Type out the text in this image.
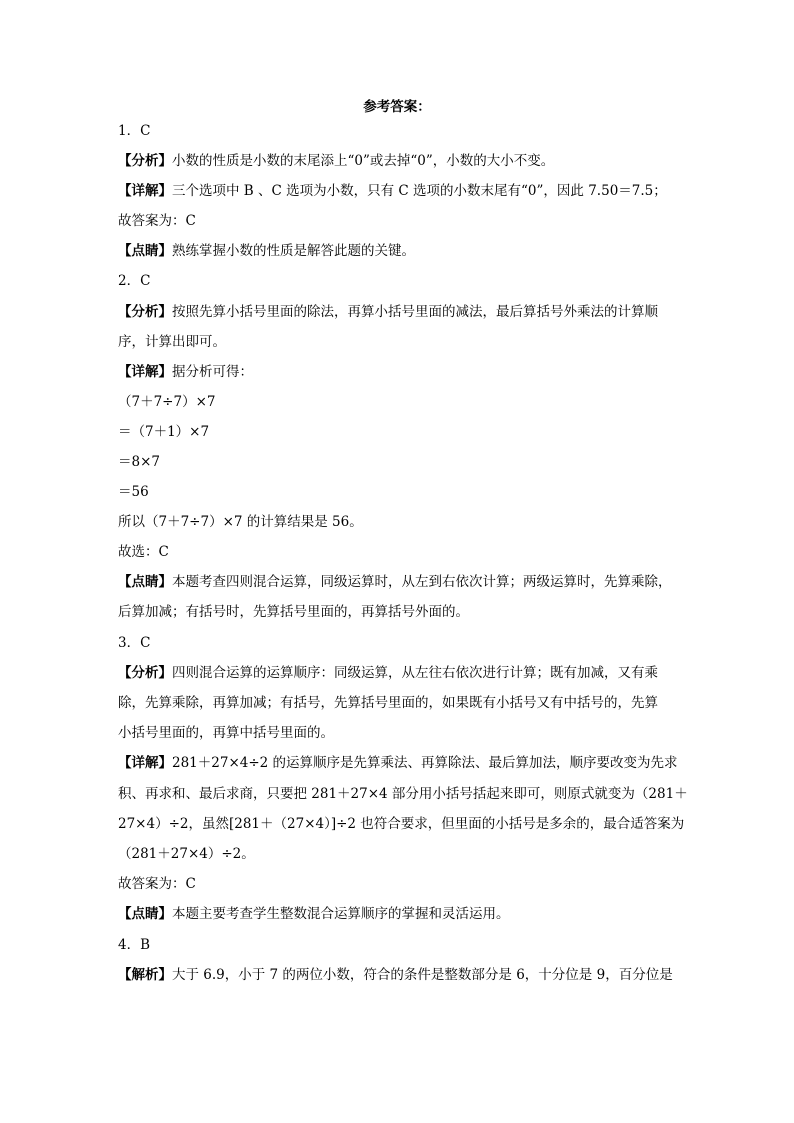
参考答案：
1．C
【分析】小数的性质是小数的末尾添上“0”或去掉“0”，小数的大小不变。
【详解】三个选项中 B 、C 选项为小数，只有 C 选项的小数末尾有“0”，因此 7.50＝7.5；
故答案为：C
【点睛】熟练掌握小数的性质是解答此题的关键。
2．C
【分析】按照先算小括号里面的除法，再算小括号里面的减法，最后算括号外乘法的计算顺
序，计算出即可。
【详解】据分析可得：
（7＋7÷7）×7
＝（7＋1）×7
＝8×7
＝56
所以（7＋7÷7）×7 的计算结果是 56。
故选：C
【点睛】本题考查四则混合运算，同级运算时，从左到右依次计算；两级运算时，先算乘除，
后算加减；有括号时，先算括号里面的，再算括号外面的。
3．C
【分析】四则混合运算的运算顺序：同级运算，从左往右依次进行计算；既有加减，又有乘
除，先算乘除，再算加减；有括号，先算括号里面的，如果既有小括号又有中括号的，先算
小括号里面的，再算中括号里面的。
【详解】281＋27×4÷2 的运算顺序是先算乘法、再算除法、最后算加法，顺序要改变为先求
积、再求和、最后求商，只要把 281＋27×4 部分用小括号括起来即可，则原式就变为（281＋
27×4）÷2，虽然[281＋（27×4）]÷2 也符合要求，但里面的小括号是多余的，最合适答案为
（281＋27×4）÷2。
故答案为：C
【点睛】本题主要考查学生整数混合运算顺序的掌握和灵活运用。
4．B
【解析】大于 6.9，小于 7 的两位小数，符合的条件是整数部分是 6，十分位是 9，百分位是
